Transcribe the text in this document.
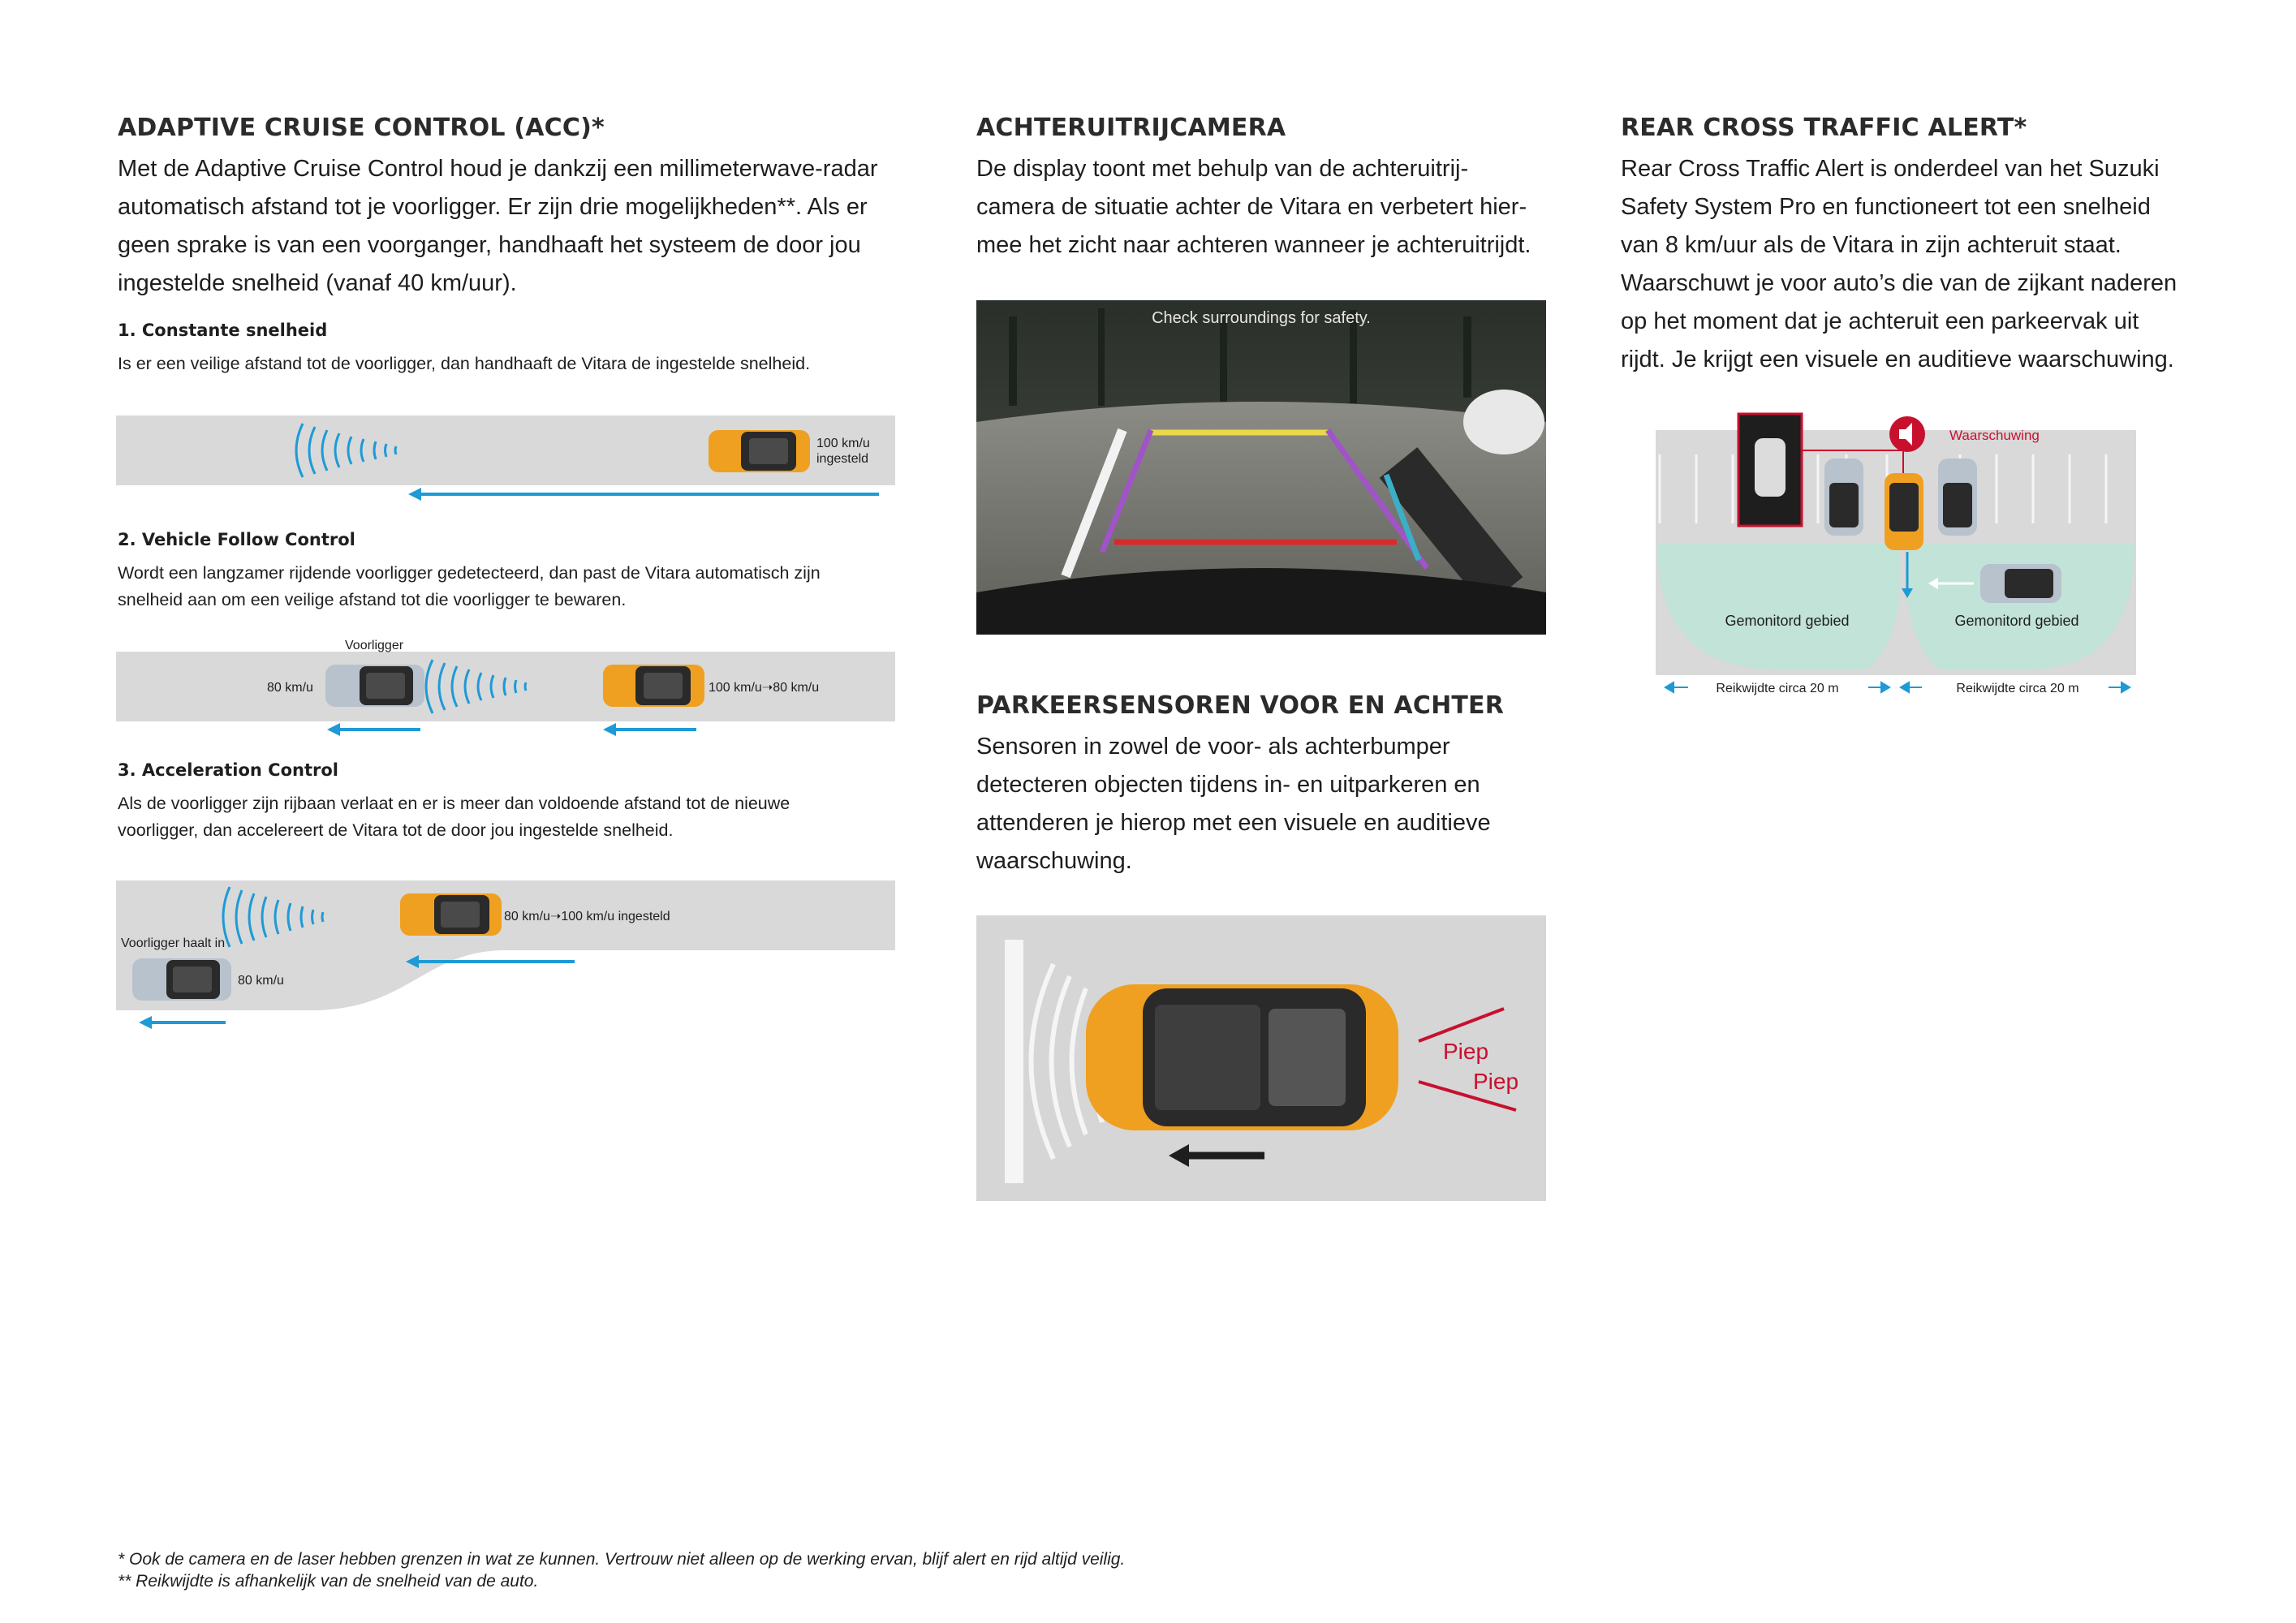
ADAPTIVE CRUISE CONTROL (ACC)*

Met de Adaptive Cruise Control houd je dankzij een millimeterwave-radar

automatisch afstand tot je voorligger. Er zijn drie mogelijkheden**. Als er

geen sprake is van een voorganger, handhaaft het systeem de door jou

ingestelde snelheid (vanaf 40 km/uur).

1. Constante snelheid

Is er een veilige afstand tot de voorligger, dan handhaaft de Vitara de ingestelde snelheid.

100 km/u
ingesteld
2. Vehicle Follow Control

Wordt een langzamer rijdende voorligger gedetecteerd, dan past de Vitara automatisch zijn

snelheid aan om een veilige afstand tot die voorligger te bewaren.

Voorligger
80 km/u	100 km/u➝80 km/u
3. Acceleration Control

Als de voorligger zijn rijbaan verlaat en er is meer dan voldoende afstand tot de nieuwe

voorligger, dan accelereert de Vitara tot de door jou ingestelde snelheid.

80 km/u➝100 km/u ingesteld
Voorligger haalt in
80 km/u
ACHTERUITRIJCAMERA

De display toont met behulp van de achteruitrij-

camera de situatie achter de Vitara en verbetert hier-

mee het zicht naar achteren wanneer je achteruitrijdt.

Check surroundings for safety.
PARKEERSENSOREN VOOR EN ACHTER

Sensoren in zowel de voor- als achterbumper

detecteren objecten tijdens in- en uitparkeren en

attenderen je hierop met een visuele en auditieve

waarschuwing.

Piep
Piep
REAR CROSS TRAFFIC ALERT*

Rear Cross Traffic Alert is onderdeel van het Suzuki

Safety System Pro en functioneert tot een snelheid

van 8 km/uur als de Vitara in zijn achteruit staat.

Waarschuwt je voor auto’s die van de zijkant naderen

op het moment dat je achteruit een parkeervak uit

rijdt. Je krijgt een visuele en auditieve waarschuwing.

Waarschuwing
Gemonitord gebied	Gemonitord gebied
Reikwijdte circa 20 m	Reikwijdte circa 20 m
* Ook de camera en de laser hebben grenzen in wat ze kunnen. Vertrouw niet alleen op de werking ervan, blijf alert en rijd altijd veilig.
** Reikwijdte is afhankelijk van de snelheid van de auto.
